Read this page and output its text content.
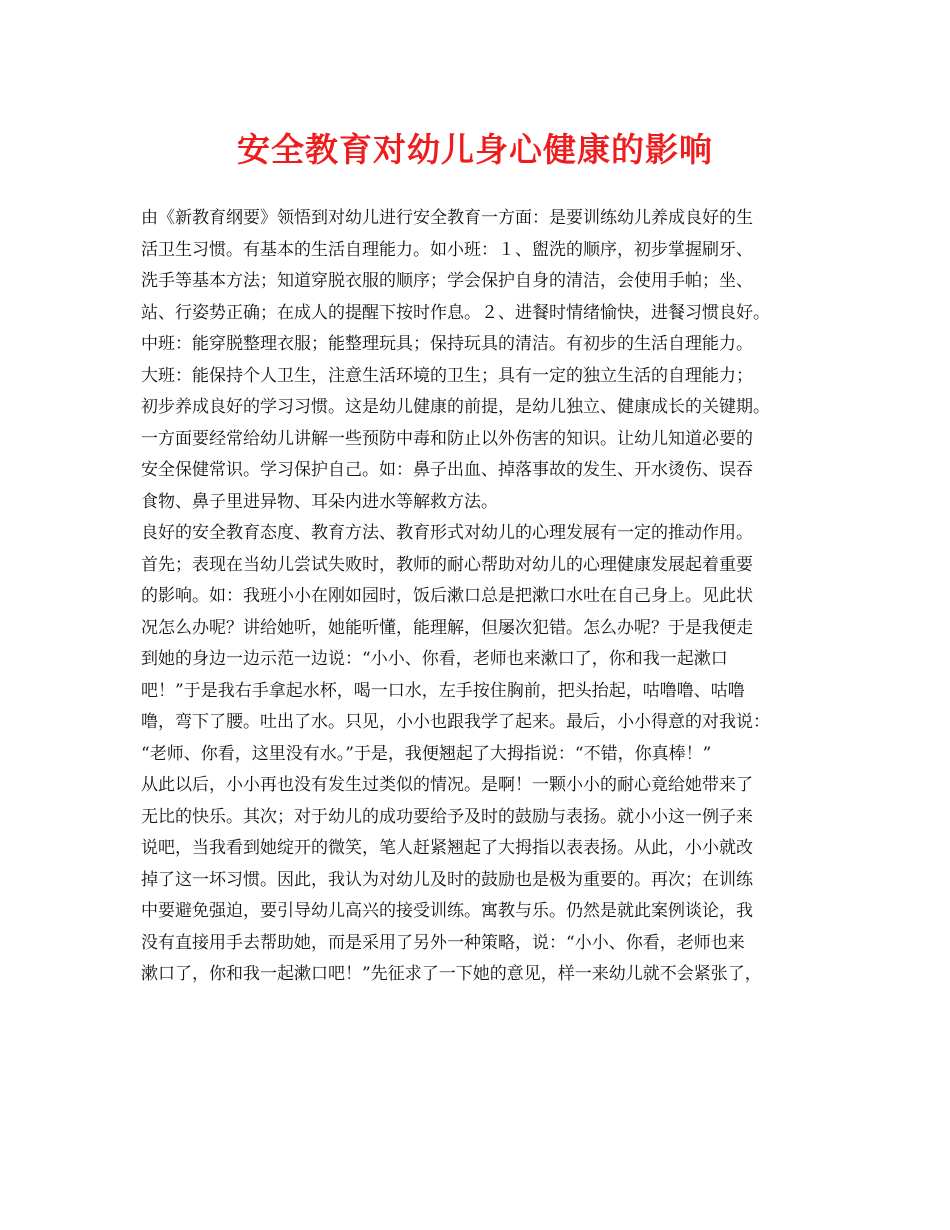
安全教育对幼儿身心健康的影响
由《新教育纲要》领悟到对幼儿进行安全教育一方面：是要训练幼儿养成良好的生
活卫生习惯。有基本的生活自理能力。如小班：１、盥洗的顺序，初步掌握刷牙、
洗手等基本方法；知道穿脱衣服的顺序；学会保护自身的清洁，会使用手帕；坐、
站、行姿势正确；在成人的提醒下按时作息。２、进餐时情绪愉快，进餐习惯良好。
中班：能穿脱整理衣服；能整理玩具；保持玩具的清洁。有初步的生活自理能力。
大班：能保持个人卫生，注意生活环境的卫生；具有一定的独立生活的自理能力；
初步养成良好的学习习惯。这是幼儿健康的前提，是幼儿独立、健康成长的关键期。
一方面要经常给幼儿讲解一些预防中毒和防止以外伤害的知识。让幼儿知道必要的
安全保健常识。学习保护自己。如：鼻子出血、掉落事故的发生、开水烫伤、误吞
食物、鼻子里进异物、耳朵内进水等解救方法。
良好的安全教育态度、教育方法、教育形式对幼儿的心理发展有一定的推动作用。
首先；表现在当幼儿尝试失败时，教师的耐心帮助对幼儿的心理健康发展起着重要
的影响。如：我班小小在刚如园时，饭后漱口总是把漱口水吐在自己身上。见此状
况怎么办呢？讲给她听，她能听懂，能理解，但屡次犯错。怎么办呢？于是我便走
到她的身边一边示范一边说：“小小、你看，老师也来漱口了，你和我一起漱口
吧！”于是我右手拿起水杯，喝一口水，左手按住胸前，把头抬起，咕噜噜、咕噜
噜，弯下了腰。吐出了水。只见，小小也跟我学了起来。最后，小小得意的对我说：
“老师、你看，这里没有水。”于是，我便翘起了大拇指说：“不错，你真棒！”
从此以后，小小再也没有发生过类似的情况。是啊！一颗小小的耐心竟给她带来了
无比的快乐。其次；对于幼儿的成功要给予及时的鼓励与表扬。就小小这一例子来
说吧，当我看到她绽开的微笑，笔人赶紧翘起了大拇指以表表扬。从此，小小就改
掉了这一坏习惯。因此，我认为对幼儿及时的鼓励也是极为重要的。再次；在训练
中要避免强迫，要引导幼儿高兴的接受训练。寓教与乐。仍然是就此案例谈论，我
没有直接用手去帮助她，而是采用了另外一种策略，说：“小小、你看，老师也来
漱口了，你和我一起漱口吧！”先征求了一下她的意见，样一来幼儿就不会紧张了，
